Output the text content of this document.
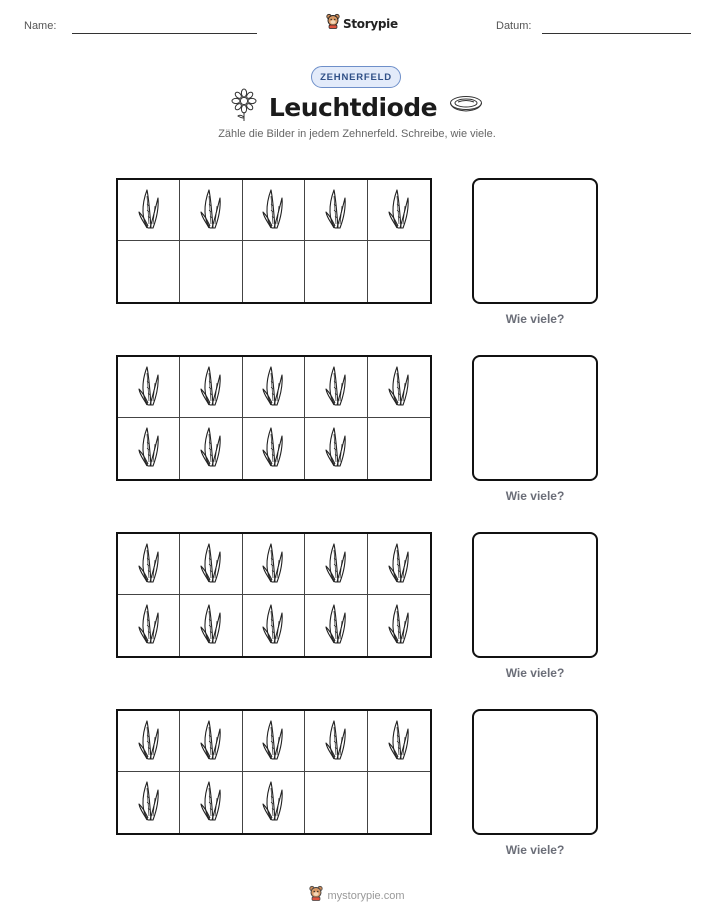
Name:	Storypie	Datum:
ZEHNERFELD
Leuchtdiode
Zähle die Bilder in jedem Zehnerfeld. Schreibe, wie viele.
Wie viele?
Wie viele?
Wie viele?
Wie viele?
mystorypie.com
